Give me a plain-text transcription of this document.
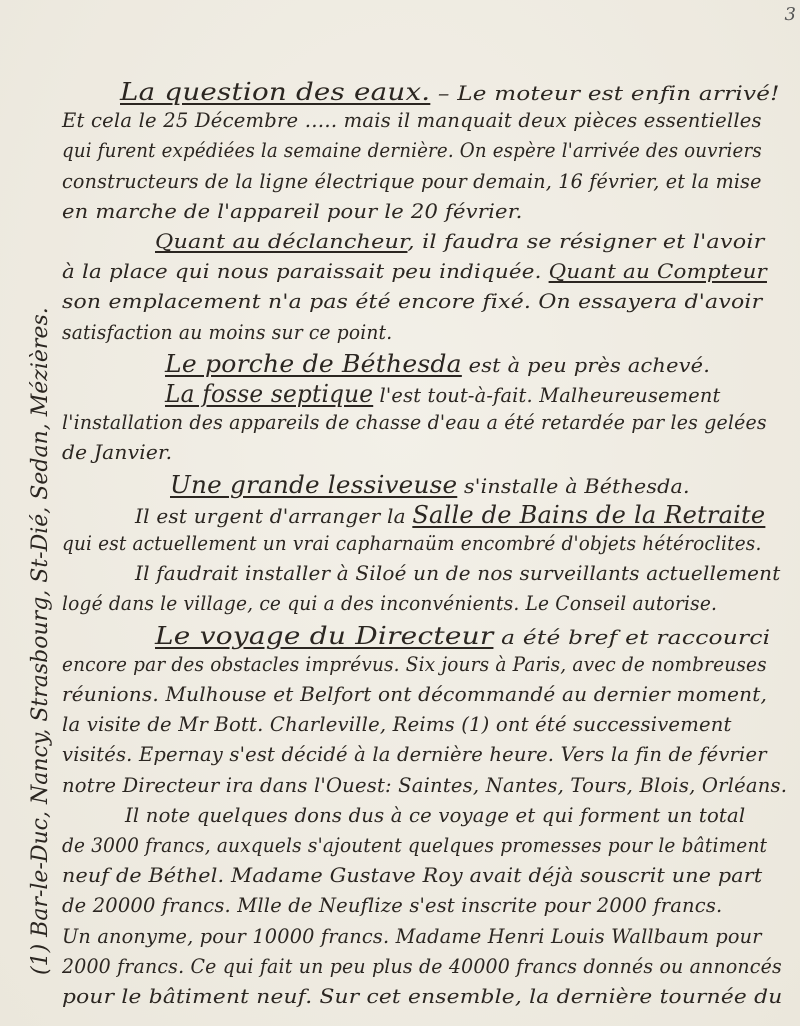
3
La question des eaux. – Le moteur est enfin arrivé!
Et cela le 25 Décembre ….. mais il manquait deux pièces essentielles
qui furent expédiées la semaine dernière. On espère l'arrivée des ouvriers
constructeurs de la ligne électrique pour demain, 16 février, et la mise
en marche de l'appareil pour le 20 février.
Quant au déclancheur, il faudra se résigner et l'avoir
à la place qui nous paraissait peu indiquée. Quant au Compteur
son emplacement n'a pas été encore fixé. On essayera d'avoir
satisfaction au moins sur ce point.
Le porche de Béthesda est à peu près achevé.
La fosse septique l'est tout-à-fait. Malheureusement
l'installation des appareils de chasse d'eau a été retardée par les gelées
de Janvier.
Une grande lessiveuse s'installe à Béthesda.
Il est urgent d'arranger la Salle de Bains de la Retraite
qui est actuellement un vrai capharnaüm encombré d'objets hétéroclites.
Il faudrait installer à Siloé un de nos surveillants actuellement
logé dans le village, ce qui a des inconvénients. Le Conseil autorise.
Le voyage du Directeur a été bref et raccourci
encore par des obstacles imprévus. Six jours à Paris, avec de nombreuses
réunions. Mulhouse et Belfort ont décommandé au dernier moment,
la visite de Mr Bott. Charleville, Reims (1) ont été successivement
visités. Epernay s'est décidé à la dernière heure. Vers la fin de février
notre Directeur ira dans l'Ouest: Saintes, Nantes, Tours, Blois, Orléans.
Il note quelques dons dus à ce voyage et qui forment un total
de 3000 francs, auxquels s'ajoutent quelques promesses pour le bâtiment
neuf de Béthel. Madame Gustave Roy avait déjà souscrit une part
de 20000 francs. Mlle de Neuflize s'est inscrite pour 2000 francs.
Un anonyme, pour 10000 francs. Madame Henri Louis Wallbaum pour
2000 francs. Ce qui fait un peu plus de 40000 francs donnés ou annoncés
pour le bâtiment neuf. Sur cet ensemble, la dernière tournée du
(1) Bar-le-Duc, Nancy, Strasbourg, St-Dié, Sedan, Mézières.
